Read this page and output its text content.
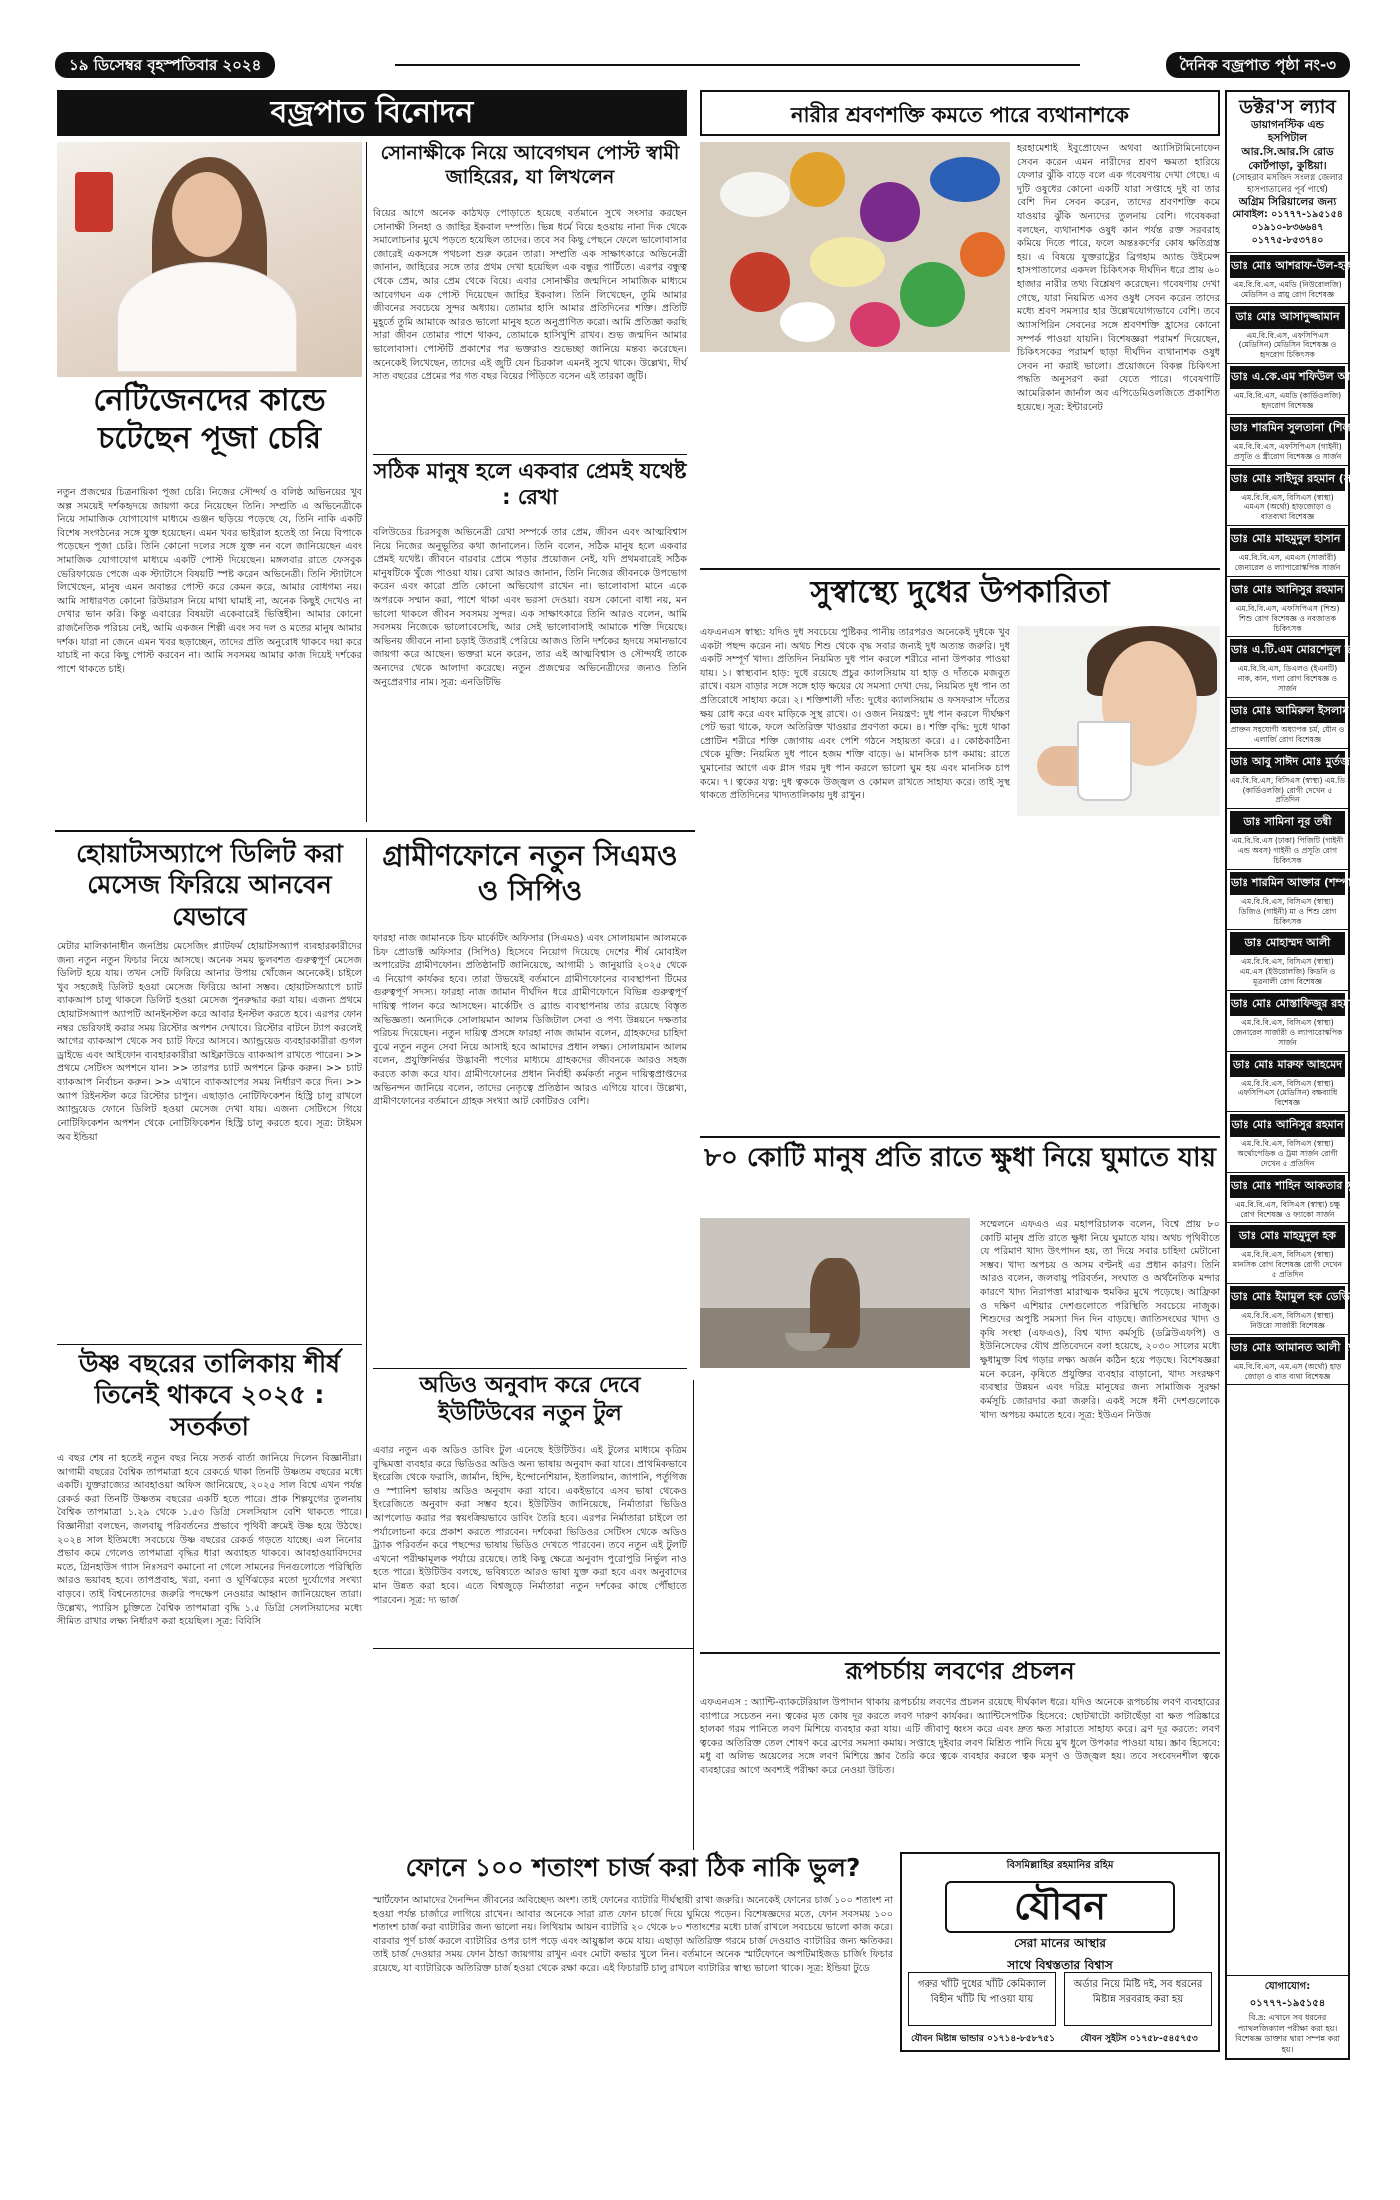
১৯ ডিসেম্বর বৃহস্পতিবার ২০২৪	দৈনিক বজ্রপাত পৃষ্ঠা নং-৩
বজ্রপাত বিনোদন
নেটিজেনদের কান্ডে চটেছেন পূজা চেরি
নতুন প্রজন্মের চিত্রনায়িকা পূজা চেরি। নিজের সৌন্দর্য ও বলিষ্ঠ অভিনয়ের খুব অল্প সময়েই দর্শকহৃদয়ে জায়গা করে নিয়েছেন তিনি। সম্প্রতি এ অভিনেত্রীকে নিয়ে সামাজিক যোগাযোগ মাধ্যমে গুঞ্জন ছড়িয়ে পড়েছে যে, তিনি নাকি একটি বিশেষ সংগঠনের সঙ্গে যুক্ত হয়েছেন। এমন খবর ভাইরাল হতেই তা নিয়ে বিপাকে পড়েছেন পূজা চেরি। তিনি কোনো দলের সঙ্গে যুক্ত নন বলে জানিয়েছেন এবং সামাজিক যোগাযোগ মাধ্যমে একটি পোস্ট দিয়েছেন। মঙ্গলবার রাতে ফেসবুক ভেরিফায়েড পেজে এক স্ট্যাটাসে বিষয়টি স্পষ্ট করেন অভিনেত্রী। তিনি স্ট্যাটাসে লিখেছেন, মানুষ এমন অবান্তর পোস্ট করে কেমন করে, আমার বোধগম্য নয়। আমি সাধারণত কোনো রিউমারস নিয়ে মাথা ঘামাই না, অনেক কিছুই দেখেও না দেখার ভান করি। কিন্তু এবারের বিষয়টা একেবারেই ভিত্তিহীন। আমার কোনো রাজনৈতিক পরিচয় নেই, আমি একজন শিল্পী এবং সব দল ও মতের মানুষ আমার দর্শক। যারা না জেনে এমন খবর ছড়াচ্ছেন, তাদের প্রতি অনুরোধ থাকবে দয়া করে যাচাই না করে কিছু পোস্ট করবেন না। আমি সবসময় আমার কাজ দিয়েই দর্শকের পাশে থাকতে চাই।
সোনাক্ষীকে নিয়ে আবেগঘন পোস্ট স্বামী জাহিরের, যা লিখলেন
বিয়ের আগে অনেক কাঠখড় পোড়াতে হয়েছে বর্তমানে সুখে সংসার করছেন সোনাক্ষী সিনহা ও জাহির ইকবাল দম্পতি। ভিন্ন ধর্মে বিয়ে হওয়ায় নানা দিক থেকে সমালোচনার মুখে পড়তে হয়েছিল তাদের। তবে সব কিছু পেছনে ফেলে ভালোবাসার জোরেই একসঙ্গে পথচলা শুরু করেন তারা। সম্প্রতি এক সাক্ষাৎকারে অভিনেত্রী জানান, জাহিরের সঙ্গে তার প্রথম দেখা হয়েছিল এক বন্ধুর পার্টিতে। এরপর বন্ধুত্ব থেকে প্রেম, আর প্রেম থেকে বিয়ে। এবার সোনাক্ষীর জন্মদিনে সামাজিক মাধ্যমে আবেগঘন এক পোস্ট দিয়েছেন জাহির ইকবাল। তিনি লিখেছেন, তুমি আমার জীবনের সবচেয়ে সুন্দর অধ্যায়। তোমার হাসি আমার প্রতিদিনের শক্তি। প্রতিটি মুহূর্তে তুমি আমাকে আরও ভালো মানুষ হতে অনুপ্রাণিত করো। আমি প্রতিজ্ঞা করছি সারা জীবন তোমার পাশে থাকব, তোমাকে হাসিখুশি রাখব। শুভ জন্মদিন আমার ভালোবাসা। পোস্টটি প্রকাশের পর ভক্তরাও শুভেচ্ছা জানিয়ে মন্তব্য করেছেন। অনেকেই লিখেছেন, তাদের এই জুটি যেন চিরকাল এমনই সুখে থাকে। উল্লেখ্য, দীর্ঘ সাত বছরের প্রেমের পর গত বছর বিয়ের পিঁড়িতে বসেন এই তারকা জুটি।
সঠিক মানুষ হলে একবার প্রেমই যথেষ্ট : রেখা
বলিউডের চিরসবুজ অভিনেত্রী রেখা সম্পর্কে তার প্রেম, জীবন এবং আত্মবিশ্বাস নিয়ে নিজের অনুভূতির কথা জানালেন। তিনি বলেন, সঠিক মানুষ হলে একবার প্রেমই যথেষ্ট। জীবনে বারবার প্রেমে পড়ার প্রয়োজন নেই, যদি প্রথমবারেই সঠিক মানুষটিকে খুঁজে পাওয়া যায়। রেখা আরও জানান, তিনি নিজের জীবনকে উপভোগ করেন এবং কারো প্রতি কোনো অভিযোগ রাখেন না। ভালোবাসা মানে একে অপরকে সম্মান করা, পাশে থাকা এবং ভরসা দেওয়া। বয়স কোনো বাধা নয়, মন ভালো থাকলে জীবন সবসময় সুন্দর। এক সাক্ষাৎকারে তিনি আরও বলেন, আমি সবসময় নিজেকে ভালোবেসেছি, আর সেই ভালোবাসাই আমাকে শক্তি দিয়েছে। অভিনয় জীবনে নানা চড়াই উতরাই পেরিয়ে আজও তিনি দর্শকের হৃদয়ে সমানভাবে জায়গা করে আছেন। ভক্তরা মনে করেন, তার এই আত্মবিশ্বাস ও সৌন্দর্যই তাকে অন্যদের থেকে আলাদা করেছে। নতুন প্রজন্মের অভিনেত্রীদের জন্যও তিনি অনুপ্রেরণার নাম। সূত্র: এনডিটিভি
হোয়াটসঅ্যাপে ডিলিট করা মেসেজ ফিরিয়ে আনবেন যেভাবে
মেটার মালিকানাধীন জনপ্রিয় মেসেজিং প্ল্যাটফর্ম হোয়াটসঅ্যাপ ব্যবহারকারীদের জন্য নতুন নতুন ফিচার নিয়ে আসছে। অনেক সময় ভুলবশত গুরুত্বপূর্ণ মেসেজ ডিলিট হয়ে যায়। তখন সেটি ফিরিয়ে আনার উপায় খোঁজেন অনেকেই। চাইলে খুব সহজেই ডিলিট হওয়া মেসেজ ফিরিয়ে আনা সম্ভব। হোয়াটসঅ্যাপে চ্যাট ব্যাকআপ চালু থাকলে ডিলিট হওয়া মেসেজ পুনরুদ্ধার করা যায়। এজন্য প্রথমে হোয়াটসঅ্যাপ অ্যাপটি আনইনস্টল করে আবার ইনস্টল করতে হবে। এরপর ফোন নম্বর ভেরিফাই করার সময় রিস্টোর অপশন দেখাবে। রিস্টোর বাটনে ট্যাপ করলেই আগের ব্যাকআপ থেকে সব চ্যাট ফিরে আসবে। অ্যান্ড্রয়েড ব্যবহারকারীরা গুগল ড্রাইভে এবং আইফোন ব্যবহারকারীরা আইক্লাউডে ব্যাকআপ রাখতে পারেন। >> প্রথমে সেটিংস অপশনে যান। >> তারপর চ্যাট অপশনে ক্লিক করুন। >> চ্যাট ব্যাকআপ নির্বাচন করুন। >> এখানে ব্যাকআপের সময় নির্ধারণ করে দিন। >> অ্যাপ রিইনস্টল করে রিস্টোর চাপুন। এছাড়াও নোটিফিকেশন হিস্ট্রি চালু রাখলে অ্যান্ড্রয়েড ফোনে ডিলিট হওয়া মেসেজ দেখা যায়। এজন্য সেটিংসে গিয়ে নোটিফিকেশন অপশন থেকে নোটিফিকেশন হিস্ট্রি চালু করতে হবে। সূত্র: টাইমস অব ইন্ডিয়া
উষ্ণ বছরের তালিকায় শীর্ষ তিনেই থাকবে ২০২৫ : সতর্কতা
এ বছর শেষ না হতেই নতুন বছর নিয়ে সতর্ক বার্তা জানিয়ে দিলেন বিজ্ঞানীরা। আগামী বছরের বৈশ্বিক তাপমাত্রা হবে রেকর্ডে থাকা তিনটি উষ্ণতম বছরের মধ্যে একটি। যুক্তরাজ্যের আবহাওয়া অফিস জানিয়েছে, ২০২৫ সাল বিশ্বে এখন পর্যন্ত রেকর্ড করা তিনটি উষ্ণতম বছরের একটি হতে পারে। প্রাক শিল্পযুগের তুলনায় বৈশ্বিক তাপমাত্রা ১.২৯ থেকে ১.৫৩ ডিগ্রি সেলসিয়াস বেশি থাকতে পারে। বিজ্ঞানীরা বলছেন, জলবায়ু পরিবর্তনের প্রভাবে পৃথিবী ক্রমেই উষ্ণ হয়ে উঠছে। ২০২৪ সাল ইতিমধ্যে সবচেয়ে উষ্ণ বছরের রেকর্ড গড়তে যাচ্ছে। এল নিনোর প্রভাব কমে গেলেও তাপমাত্রা বৃদ্ধির ধারা অব্যাহত থাকবে। আবহাওয়াবিদদের মতে, গ্রিনহাউস গ্যাস নিঃসরণ কমানো না গেলে সামনের দিনগুলোতে পরিস্থিতি আরও ভয়াবহ হবে। তাপপ্রবাহ, খরা, বন্যা ও ঘূর্ণিঝড়ের মতো দুর্যোগের সংখ্যা বাড়বে। তাই বিশ্বনেতাদের জরুরি পদক্ষেপ নেওয়ার আহ্বান জানিয়েছেন তারা। উল্লেখ্য, প্যারিস চুক্তিতে বৈশ্বিক তাপমাত্রা বৃদ্ধি ১.৫ ডিগ্রি সেলসিয়াসের মধ্যে সীমিত রাখার লক্ষ্য নির্ধারণ করা হয়েছিল। সূত্র: বিবিসি
গ্রামীণফোনে নতুন সিএমও ও সিপিও
ফারহা নাজ জামানকে চিফ মার্কেটিং অফিসার (সিএমও) এবং সোলায়মান আলমকে চিফ প্রোডাক্ট অফিসার (সিপিও) হিসেবে নিয়োগ দিয়েছে দেশের শীর্ষ মোবাইল অপারেটর গ্রামীণফোন। প্রতিষ্ঠানটি জানিয়েছে, আগামী ১ জানুয়ারি ২০২৫ থেকে এ নিয়োগ কার্যকর হবে। তারা উভয়েই বর্তমানে গ্রামীণফোনের ব্যবস্থাপনা টিমের গুরুত্বপূর্ণ সদস্য। ফারহা নাজ জামান দীর্ঘদিন ধরে গ্রামীণফোনে বিভিন্ন গুরুত্বপূর্ণ দায়িত্ব পালন করে আসছেন। মার্কেটিং ও ব্র্যান্ড ব্যবস্থাপনায় তার রয়েছে বিস্তৃত অভিজ্ঞতা। অন্যদিকে সোলায়মান আলম ডিজিটাল সেবা ও পণ্য উন্নয়নে দক্ষতার পরিচয় দিয়েছেন। নতুন দায়িত্ব প্রসঙ্গে ফারহা নাজ জামান বলেন, গ্রাহকদের চাহিদা বুঝে নতুন নতুন সেবা নিয়ে আসাই হবে আমাদের প্রধান লক্ষ্য। সোলায়মান আলম বলেন, প্রযুক্তিনির্ভর উদ্ভাবনী পণ্যের মাধ্যমে গ্রাহকদের জীবনকে আরও সহজ করতে কাজ করে যাব। গ্রামীণফোনের প্রধান নির্বাহী কর্মকর্তা নতুন দায়িত্বপ্রাপ্তদের অভিনন্দন জানিয়ে বলেন, তাদের নেতৃত্বে প্রতিষ্ঠান আরও এগিয়ে যাবে। উল্লেখ্য, গ্রামীণফোনের বর্তমানে গ্রাহক সংখ্যা আট কোটিরও বেশি।
অডিও অনুবাদ করে দেবে ইউটিউবের নতুন টুল
এবার নতুন এক অডিও ডাবিং টুল এনেছে ইউটিউব। এই টুলের মাধ্যমে কৃত্রিম বুদ্ধিমত্তা ব্যবহার করে ভিডিওর অডিও অন্য ভাষায় অনুবাদ করা যাবে। প্রাথমিকভাবে ইংরেজি থেকে ফরাসি, জার্মান, হিন্দি, ইন্দোনেশিয়ান, ইতালিয়ান, জাপানি, পর্তুগিজ ও স্প্যানিশ ভাষায় অডিও অনুবাদ করা যাবে। একইভাবে এসব ভাষা থেকেও ইংরেজিতে অনুবাদ করা সম্ভব হবে। ইউটিউব জানিয়েছে, নির্মাতারা ভিডিও আপলোড করার পর স্বয়ংক্রিয়ভাবে ডাবিং তৈরি হবে। এরপর নির্মাতারা চাইলে তা পর্যালোচনা করে প্রকাশ করতে পারবেন। দর্শকেরা ভিডিওর সেটিংস থেকে অডিও ট্র্যাক পরিবর্তন করে পছন্দের ভাষায় ভিডিও দেখতে পারবেন। তবে নতুন এই টুলটি এখনো পরীক্ষামূলক পর্যায়ে রয়েছে। তাই কিছু ক্ষেত্রে অনুবাদ পুরোপুরি নির্ভুল নাও হতে পারে। ইউটিউব বলছে, ভবিষ্যতে আরও ভাষা যুক্ত করা হবে এবং অনুবাদের মান উন্নত করা হবে। এতে বিশ্বজুড়ে নির্মাতারা নতুন দর্শকের কাছে পৌঁছাতে পারবেন। সূত্র: দ্য ভার্জ
নারীর শ্রবণশক্তি কমতে পারে ব্যথানাশকে
হরহামেশাই ইবুপ্রোফেন অথবা অ্যাসিটামিনোফেন সেবন করেন এমন নারীদের শ্রবণ ক্ষমতা হারিয়ে ফেলার ঝুঁকি বাড়ে বলে এক গবেষণায় দেখা গেছে। এ দুটি ওষুধের কোনো একটি যারা সপ্তাহে দুই বা তার বেশি দিন সেবন করেন, তাদের শ্রবণশক্তি কমে যাওয়ার ঝুঁকি অন্যদের তুলনায় বেশি। গবেষকরা বলছেন, ব্যথানাশক ওষুধ কান পর্যন্ত রক্ত সরবরাহ কমিয়ে দিতে পারে, ফলে অন্তঃকর্ণের কোষ ক্ষতিগ্রস্ত হয়। এ বিষয়ে যুক্তরাষ্ট্রের ব্রিগহাম অ্যান্ড উইমেন্স হাসপাতালের একদল চিকিৎসক দীর্ঘদিন ধরে প্রায় ৬০ হাজার নারীর তথ্য বিশ্লেষণ করেছেন। গবেষণায় দেখা গেছে, যারা নিয়মিত এসব ওষুধ সেবন করেন তাদের মধ্যে শ্রবণ সমস্যার হার উল্লেখযোগ্যভাবে বেশি। তবে অ্যাসপিরিন সেবনের সঙ্গে শ্রবণশক্তি হ্রাসের কোনো সম্পর্ক পাওয়া যায়নি। বিশেষজ্ঞরা পরামর্শ দিয়েছেন, চিকিৎসকের পরামর্শ ছাড়া দীর্ঘদিন ব্যথানাশক ওষুধ সেবন না করাই ভালো। প্রয়োজনে বিকল্প চিকিৎসা পদ্ধতি অনুসরণ করা যেতে পারে। গবেষণাটি আমেরিকান জার্নাল অব এপিডেমিওলজিতে প্রকাশিত হয়েছে। সূত্র: ইন্টারনেট
সুস্বাস্থ্যে দুধের উপকারিতা
এফএনএস স্বাস্থ্য: যদিও দুধ সবচেয়ে পুষ্টিকর পানীয় তারপরও অনেকেই দুধকে খুব একটা পছন্দ করেন না। অথচ শিশু থেকে বৃদ্ধ সবার জন্যই দুধ অত্যন্ত জরুরি। দুধ একটি সম্পূর্ণ খাদ্য। প্রতিদিন নিয়মিত দুধ পান করলে শরীরে নানা উপকার পাওয়া যায়। ১। স্বাস্থ্যবান হাড়: দুধে রয়েছে প্রচুর ক্যালসিয়াম যা হাড় ও দাঁতকে মজবুত রাখে। বয়স বাড়ার সঙ্গে সঙ্গে হাড় ক্ষয়ের যে সমস্যা দেখা দেয়, নিয়মিত দুধ পান তা প্রতিরোধে সাহায্য করে। ২। শক্তিশালী দাঁত: দুধের ক্যালসিয়াম ও ফসফরাস দাঁতের ক্ষয় রোধ করে এবং মাড়িকে সুস্থ রাখে। ৩। ওজন নিয়ন্ত্রণ: দুধ পান করলে দীর্ঘক্ষণ পেট ভরা থাকে, ফলে অতিরিক্ত খাওয়ার প্রবণতা কমে। ৪। শক্তি বৃদ্ধি: দুধে থাকা প্রোটিন শরীরে শক্তি জোগায় এবং পেশি গঠনে সহায়তা করে। ৫। কোষ্ঠকাঠিন্য থেকে মুক্তি: নিয়মিত দুধ পানে হজম শক্তি বাড়ে। ৬। মানসিক চাপ কমায়: রাতে ঘুমানোর আগে এক গ্লাস গরম দুধ পান করলে ভালো ঘুম হয় এবং মানসিক চাপ কমে। ৭। ত্বকের যত্ন: দুধ ত্বককে উজ্জ্বল ও কোমল রাখতে সাহায্য করে। তাই সুস্থ থাকতে প্রতিদিনের খাদ্যতালিকায় দুধ রাখুন।
৮০ কোটি মানুষ প্রতি রাতে ক্ষুধা নিয়ে ঘুমাতে যায়
সম্মেলনে এফএও এর মহাপরিচালক বলেন, বিশ্বে প্রায় ৮০ কোটি মানুষ প্রতি রাতে ক্ষুধা নিয়ে ঘুমাতে যায়। অথচ পৃথিবীতে যে পরিমাণ খাদ্য উৎপাদন হয়, তা দিয়ে সবার চাহিদা মেটানো সম্ভব। খাদ্য অপচয় ও অসম বণ্টনই এর প্রধান কারণ। তিনি আরও বলেন, জলবায়ু পরিবর্তন, সংঘাত ও অর্থনৈতিক মন্দার কারণে খাদ্য নিরাপত্তা মারাত্মক হুমকির মুখে পড়েছে। আফ্রিকা ও দক্ষিণ এশিয়ার দেশগুলোতে পরিস্থিতি সবচেয়ে নাজুক। শিশুদের অপুষ্টি সমস্যা দিন দিন বাড়ছে। জাতিসংঘের খাদ্য ও কৃষি সংস্থা (এফএও), বিশ্ব খাদ্য কর্মসূচি (ডব্লিউএফপি) ও ইউনিসেফের যৌথ প্রতিবেদনে বলা হয়েছে, ২০৩০ সালের মধ্যে ক্ষুধামুক্ত বিশ্ব গড়ার লক্ষ্য অর্জন কঠিন হয়ে পড়ছে। বিশেষজ্ঞরা মনে করেন, কৃষিতে প্রযুক্তির ব্যবহার বাড়ানো, খাদ্য সংরক্ষণ ব্যবস্থার উন্নয়ন এবং দরিদ্র মানুষের জন্য সামাজিক সুরক্ষা কর্মসূচি জোরদার করা জরুরি। একই সঙ্গে ধনী দেশগুলোকে খাদ্য অপচয় কমাতে হবে। সূত্র: ইউএন নিউজ
রূপচর্চায় লবণের প্রচলন
এফএনএস : অ্যান্টি-ব্যাকটেরিয়াল উপাদান থাকায় রূপচর্চায় লবণের প্রচলন রয়েছে দীর্ঘকাল ধরে। যদিও অনেকে রূপচর্চায় লবণ ব্যবহারের ব্যাপারে সচেতন নন। ত্বকের মৃত কোষ দূর করতে লবণ দারুণ কার্যকর। অ্যান্টিসেপটিক হিসেবে: ছোটখাটো কাটাছেঁড়া বা ক্ষত পরিষ্কারে হালকা গরম পানিতে লবণ মিশিয়ে ব্যবহার করা যায়। এটি জীবাণু ধ্বংস করে এবং দ্রুত ক্ষত সারাতে সাহায্য করে। ব্রণ দূর করতে: লবণ ত্বকের অতিরিক্ত তেল শোষণ করে ব্রণের সমস্যা কমায়। সপ্তাহে দুইবার লবণ মিশ্রিত পানি দিয়ে মুখ ধুলে উপকার পাওয়া যায়। স্ক্রাব হিসেবে: মধু বা অলিভ অয়েলের সঙ্গে লবণ মিশিয়ে স্ক্রাব তৈরি করে ত্বকে ব্যবহার করলে ত্বক মসৃণ ও উজ্জ্বল হয়। তবে সংবেদনশীল ত্বকে ব্যবহারের আগে অবশ্যই পরীক্ষা করে নেওয়া উচিত।
ফোনে ১০০ শতাংশ চার্জ করা ঠিক নাকি ভুল?
স্মার্টফোন আমাদের দৈনন্দিন জীবনের অবিচ্ছেদ্য অংশ। তাই ফোনের ব্যাটারি দীর্ঘস্থায়ী রাখা জরুরি। অনেকেই ফোনের চার্জ ১০০ শতাংশ না হওয়া পর্যন্ত চার্জারে লাগিয়ে রাখেন। আবার অনেকে সারা রাত ফোন চার্জে দিয়ে ঘুমিয়ে পড়েন। বিশেষজ্ঞদের মতে, ফোন সবসময় ১০০ শতাংশ চার্জ করা ব্যাটারির জন্য ভালো নয়। লিথিয়াম আয়ন ব্যাটারি ২০ থেকে ৮০ শতাংশের মধ্যে চার্জ রাখলে সবচেয়ে ভালো কাজ করে। বারবার পূর্ণ চার্জ করলে ব্যাটারির ওপর চাপ পড়ে এবং আয়ুষ্কাল কমে যায়। এছাড়া অতিরিক্ত গরমে চার্জ দেওয়াও ব্যাটারির জন্য ক্ষতিকর। তাই চার্জ দেওয়ার সময় ফোন ঠান্ডা জায়গায় রাখুন এবং মোটা কভার খুলে নিন। বর্তমানে অনেক স্মার্টফোনে অপটিমাইজড চার্জিং ফিচার রয়েছে, যা ব্যাটারিকে অতিরিক্ত চার্জ হওয়া থেকে রক্ষা করে। এই ফিচারটি চালু রাখলে ব্যাটারির স্বাস্থ্য ভালো থাকে। সূত্র: ইন্ডিয়া টুডে
বিসমিল্লাহির রহমানির রহিম
যৌবন
সেরা মানের আস্থার
সাথে বিশ্বস্ততার বিশ্বাস
গরুর খাঁটি দুধের খাঁটি কেমিক্যাল বিহীন খাঁটি ঘি পাওয়া যায়
অর্ডার নিয়ে মিষ্টি দই, সব ধরনের মিষ্টান্ন সরবরাহ করা হয়
যৌবন মিষ্টান্ন ভান্ডার ০১৭১৪-৮৫৮৭৫১	যৌবন সুইটস ০১৭৫৮-৫৪৫৭৫৩
ডক্টর'স ল্যাব
ডায়াগনস্টিক এন্ড হসপিটাল
আর.সি.আর.সি রোড
কোর্টপাড়া, কুষ্টিয়া।
(সোহরাব মসজিদ সংলগ্ন জেলার হাসপাতালের পূর্ব পার্শ্বে)
অগ্রিম সিরিয়ালের জন্য
মোবাইল: ০১৭৭৭-১৯৫১৫৪
০১৯১০-৮৩৬৬৪৭
০১৭৭৫-৮৫৩৭৪০
ডাঃ মোঃ আশরাফ-উল-হক
এম.বি.বি.এস, এমডি (নিউরোলজি) মেডিসিন ও স্নায়ু রোগ বিশেষজ্ঞ
ডাঃ মোঃ আসাদুজ্জামান
এম.বি.বি.এস, এফসিপিএস (মেডিসিন) মেডিসিন বিশেষজ্ঞ ও হৃদরোগ চিকিৎসক
ডাঃ এ.কে.এম শফিউল আলম
এম.বি.বি.এস, এমডি (কার্ডিওলজি) হৃদরোগ বিশেষজ্ঞ
ডাঃ শারমিন সুলতানা (শিলা)
এম.বি.বি.এস, এফসিপিএস (গাইনী) প্রসূতি ও স্ত্রীরোগ বিশেষজ্ঞ ও সার্জন
ডাঃ মোঃ সাইদুর রহমান (সাদ)
এম.বি.বি.এস, বিসিএস (স্বাস্থ্য) এমএস (অর্থো) হাড়জোড়া ও বাতব্যথা বিশেষজ্ঞ
ডাঃ মোঃ মাহমুদুল হাসান (খোকন)
এম.বি.বি.এস, এমএস (সার্জারী) জেনারেল ও ল্যাপারোস্কপিক সার্জন
ডাঃ মোঃ আনিসুর রহমান
এম.বি.বি.এস, এফসিপিএস (শিশু) শিশু রোগ বিশেষজ্ঞ ও নবজাতক চিকিৎসক
ডাঃ এ.টি.এম মোরশেদুল হক (রিপন)
এম.বি.বি.এস, ডিএলও (ইএনটি) নাক, কান, গলা রোগ বিশেষজ্ঞ ও সার্জন
ডাঃ মোঃ আমিরুল ইসলাম
প্রাক্তন সহযোগী অধ্যাপক চর্ম, যৌন ও এলার্জি রোগ বিশেষজ্ঞ
ডাঃ আবু সাঈদ মোঃ মুর্তজা
এম.বি.বি.এস, বিসিএস (স্বাস্থ্য) এম.ডি (কার্ডিওলজি) রোগী দেখেন ৫ প্রতিদিন
ডাঃ সামিনা নূর তন্বী
এম.বি.বি.এস (ঢাকা) পিজিটি (গাইনী এন্ড অবস) গাইনী ও প্রসূতি রোগ চিকিৎসক
ডাঃ শারমিন আক্তার (শম্পা)
এম.বি.বি.এস, বিসিএস (স্বাস্থ্য) ডিজিও (গাইনী) মা ও শিশু রোগ চিকিৎসক
ডাঃ মোহাম্মদ আলী
এম.বি.বি.এস, বিসিএস (স্বাস্থ্য) এম.এস (ইউরোলজি) কিডনি ও মূত্রনালী রোগ বিশেষজ্ঞ
ডাঃ মোঃ মোস্তাফিজুর রহমান
এম.বি.বি.এস, বিসিএস (স্বাস্থ্য) জেনারেল সার্জারী ও ল্যাপারোস্কপিক সার্জন
ডাঃ মোঃ মারুফ আহমেদ
এম.বি.বি.এস, বিসিএস (স্বাস্থ্য) এফসিপিএস (মেডিসিন) বক্ষব্যাধি বিশেষজ্ঞ
ডাঃ মোঃ আনিসুর রহমান
এম.বি.বি.এস, বিসিএস (স্বাস্থ্য) অর্থোপেডিক ও ট্রমা সার্জন রোগী দেখেন ৫ প্রতিদিন
ডাঃ মোঃ শাহিন আকতার সুমন
এম.বি.বি.এস, বিসিএস (স্বাস্থ্য) চক্ষু রোগ বিশেষজ্ঞ ও ফ্যাকো সার্জন
ডাঃ মোঃ মাহমুদুল হক
এম.বি.বি.এস, বিসিএস (স্বাস্থ্য) মানসিক রোগ বিশেষজ্ঞ রোগী দেখেন ৫ প্রতিদিন
ডাঃ মোঃ ইমামুল হক ডেভিড
এম.বি.বি.এস, বিসিএস (স্বাস্থ্য) নিউরো সার্জারী বিশেষজ্ঞ
ডাঃ মোঃ আমানত আলী শেখ
এম.বি.বি.এস, এম.এস (অর্থো) হাড় জোড়া ও বাত ব্যথা বিশেষজ্ঞ
যোগাযোগ: ০১৭৭৭-১৯৫১৫৪
বি.দ্র: এখানে সব ধরনের প্যাথলজিক্যাল পরীক্ষা করা হয়। বিশেষজ্ঞ ডাক্তার দ্বারা সম্পন্ন করা হয়।
